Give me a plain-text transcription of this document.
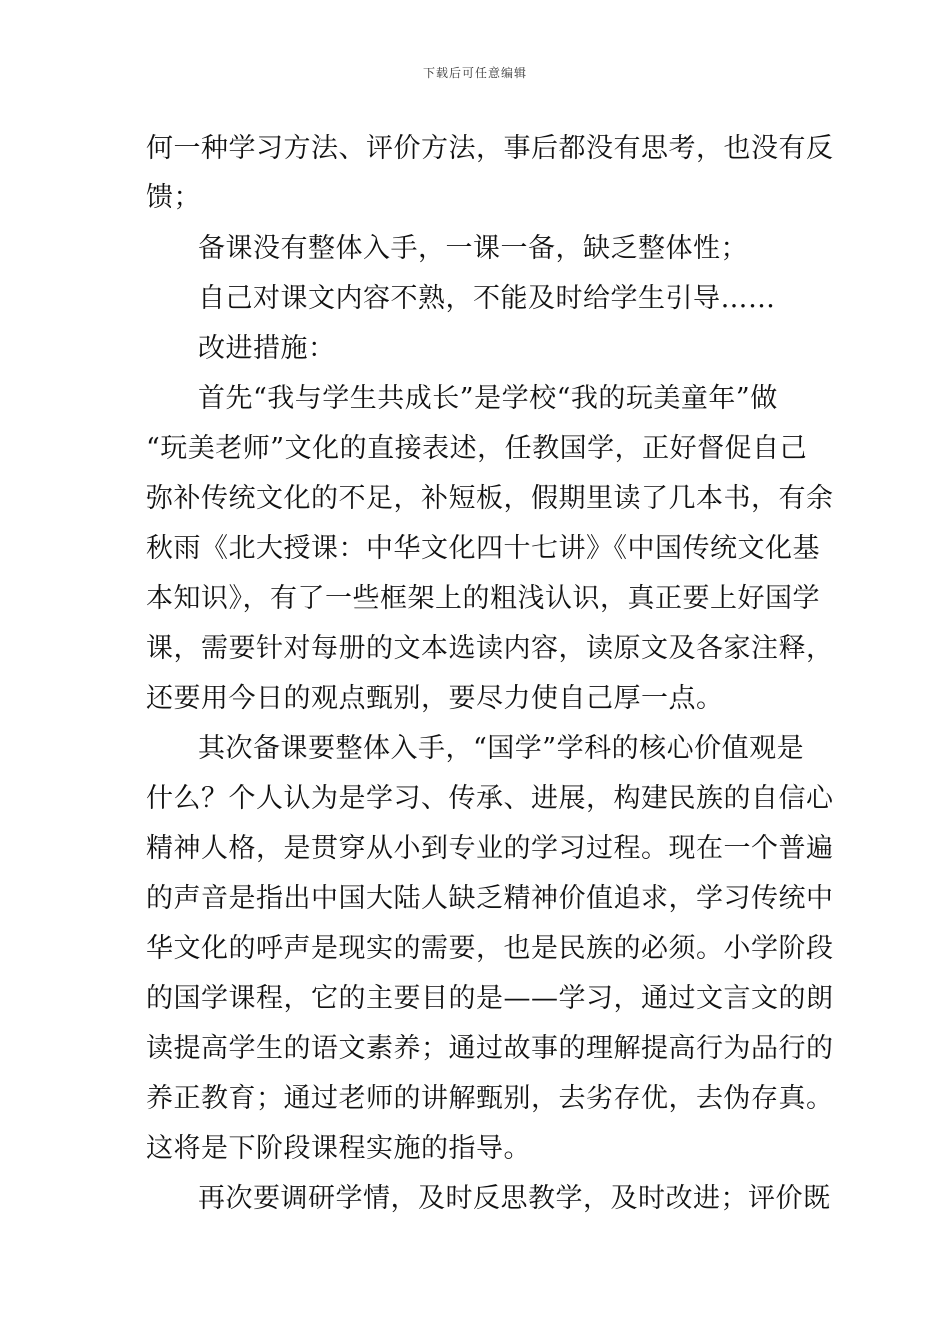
下载后可任意编辑
何一种学习方法、评价方法，事后都没有思考，也没有反
馈；
备课没有整体入手，一课一备，缺乏整体性；
自己对课文内容不熟，不能及时给学生引导……
改进措施：
首先“我与学生共成长”是学校“我的玩美童年”做
“玩美老师”文化的直接表述，任教国学，正好督促自己
弥补传统文化的不足，补短板，假期里读了几本书，有余
秋雨《北大授课：中华文化四十七讲》《中国传统文化基
本知识》，有了一些框架上的粗浅认识，真正要上好国学
课，需要针对每册的文本选读内容，读原文及各家注释，
还要用今日的观点甄别，要尽力使自己厚一点。
其次备课要整体入手，“国学”学科的核心价值观是
什么？个人认为是学习、传承、进展，构建民族的自信心
精神人格，是贯穿从小到专业的学习过程。现在一个普遍
的声音是指出中国大陆人缺乏精神价值追求，学习传统中
华文化的呼声是现实的需要，也是民族的必须。小学阶段
的国学课程，它的主要目的是——学习，通过文言文的朗
读提高学生的语文素养；通过故事的理解提高行为品行的
养正教育；通过老师的讲解甄别，去劣存优，去伪存真。
这将是下阶段课程实施的指导。
再次要调研学情，及时反思教学，及时改进；评价既
